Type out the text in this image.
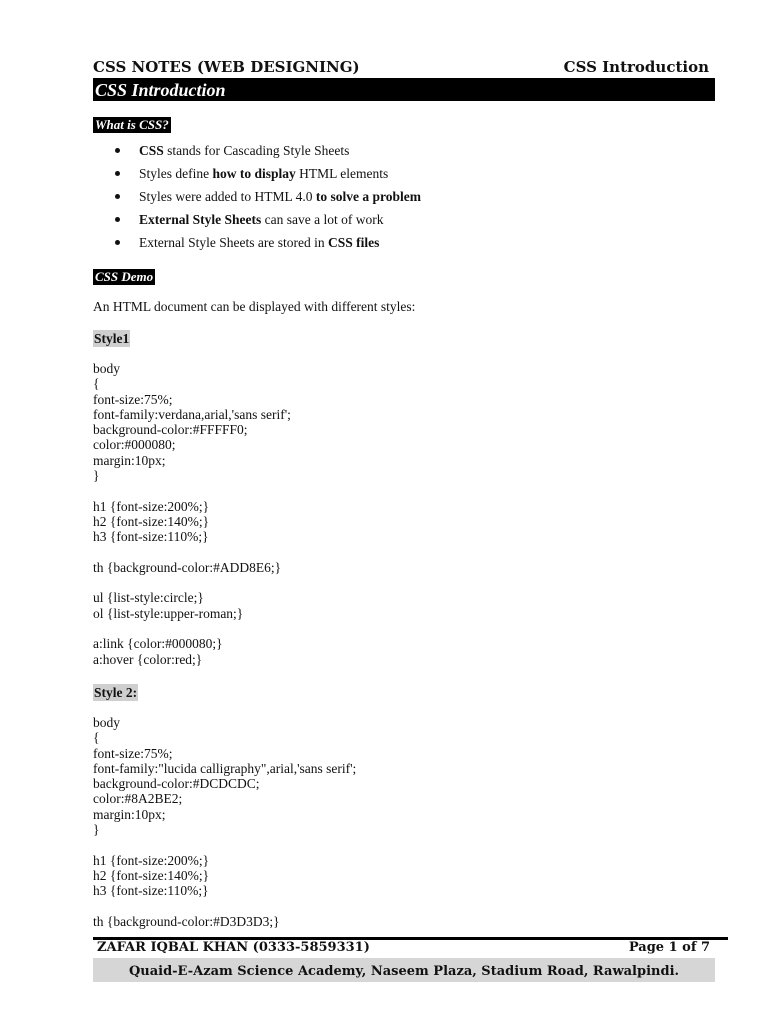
CSS NOTES (WEB DESIGNING)	CSS Introduction
CSS Introduction
What is CSS?
CSS stands for Cascading Style Sheets
Styles define how to display HTML elements
Styles were added to HTML 4.0 to solve a problem
External Style Sheets can save a lot of work
External Style Sheets are stored in CSS files
CSS Demo
An HTML document can be displayed with different styles:
Style1
body
{
font-size:75%;
font-family:verdana,arial,'sans serif';
background-color:#FFFFF0;
color:#000080;
margin:10px;
}
h1 {font-size:200%;}
h2 {font-size:140%;}
h3 {font-size:110%;}
th {background-color:#ADD8E6;}
ul {list-style:circle;}
ol {list-style:upper-roman;}
a:link {color:#000080;}
a:hover {color:red;}
Style 2:
body
{
font-size:75%;
font-family:"lucida calligraphy",arial,'sans serif';
background-color:#DCDCDC;
color:#8A2BE2;
margin:10px;
}
h1 {font-size:200%;}
h2 {font-size:140%;}
h3 {font-size:110%;}
th {background-color:#D3D3D3;}
ZAFAR IQBAL KHAN (0333-5859331)	Page 1 of 7
$_{Quaid-E-Azam Science Academy, Naseem Plaza, Stadium Road, Rawalpindi.}$
